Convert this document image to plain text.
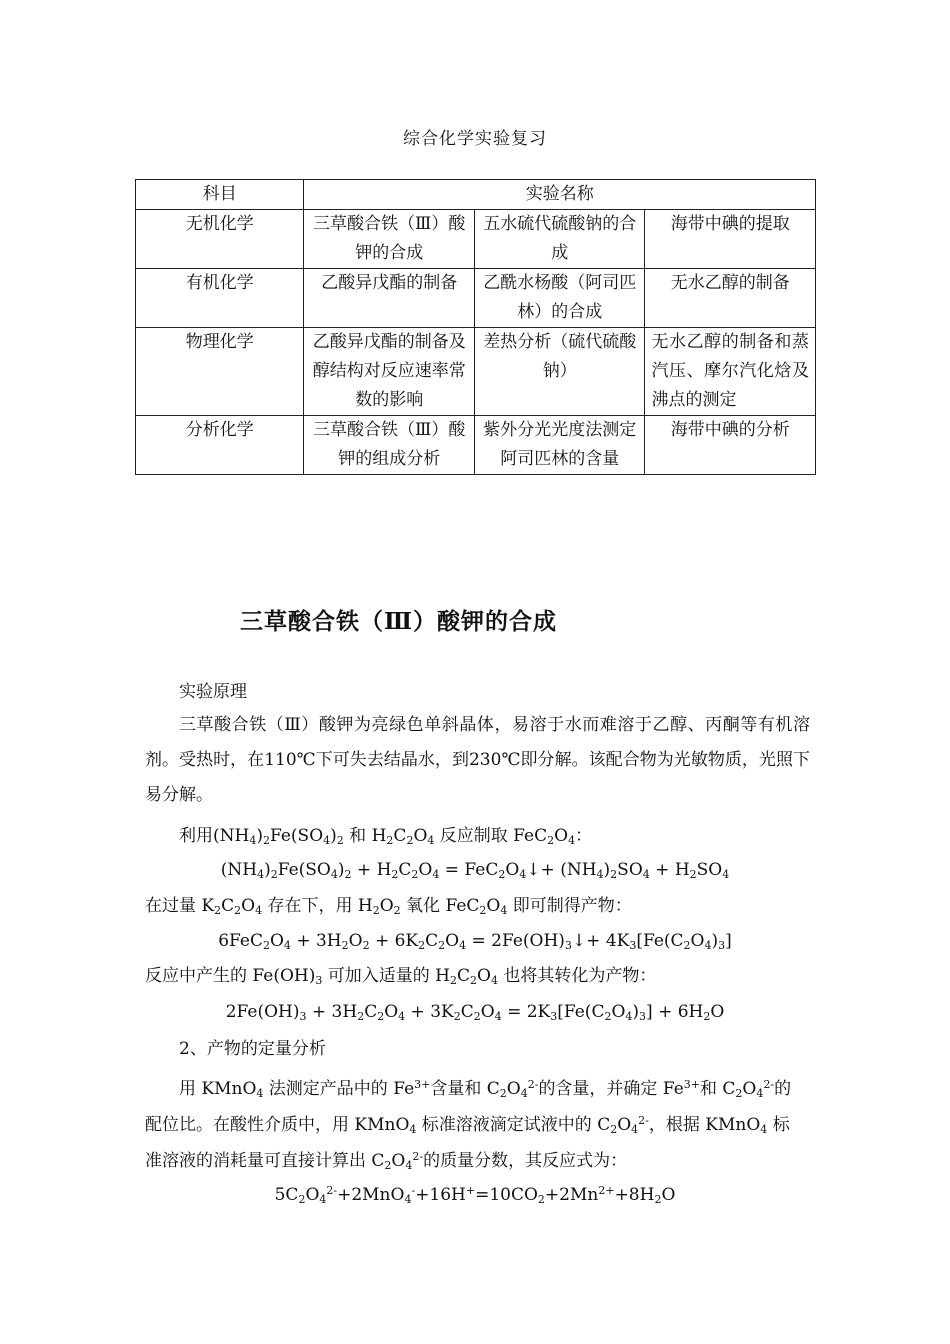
综合化学实验复习
科目	实验名称		
无机化学	三草酸合铁（Ⅲ）酸钾的合成	五水硫代硫酸钠的合成	海带中碘的提取
有机化学	乙酸异戊酯的制备	乙酰水杨酸（阿司匹林）的合成	无水乙醇的制备
物理化学	乙酸异戊酯的制备及醇结构对反应速率常数的影响	差热分析（硫代硫酸钠）	无水乙醇的制备和蒸汽压、摩尔汽化焓及沸点的测定
分析化学	三草酸合铁（Ⅲ）酸钾的组成分析	紫外分光光度法测定阿司匹林的含量	海带中碘的分析
三草酸合铁（Ⅲ）酸钾的合成
实验原理
三草酸合铁（Ⅲ）酸钾为亮绿色单斜晶体，易溶于水而难溶于乙醇、丙酮等有机溶剂。受热时，在110℃下可失去结晶水，到230℃即分解。该配合物为光敏物质，光照下易分解。
利用$(NH_4)_2Fe(SO_4)_2$ 和 $H_2C_2O_4$ 反应制取 $FeC_2O_4$：
$(NH_4)_2Fe(SO_4)_2 + H_2C_2O_4$ = $FeC_2O_4↓+ (NH_4)_2SO_4 + H_2SO_4$
在过量 $K_2C_2O_4$ 存在下，用 $H_2O_2$ 氧化 $FeC_2O_4$ 即可制得产物：
$6FeC_2O_4 + 3H_2O_2 + 6K_2C_2O_4$ = $2Fe(OH)_3↓+ 4K_3[Fe(C_2O_4)_3]$
反应中产生的 $Fe(OH)_3$ 可加入适量的 $H_2C_2O_4$ 也将其转化为产物：
$2Fe(OH)_3 + 3H_2C_2O_4 + 3K_2C_2O_4 = 2K_3[Fe(C_2O_4)_3] + 6H_2O$
2、产物的定量分析
用 KMnO$_4$ 法测定产品中的 $Fe^{3+}$含量和 $C_2O_4^{2-}$的含量，并确定 $Fe^{3+}$和 $C_2O_4^{2-}$的
配位比。在酸性介质中，用 KMnO$_4$ 标准溶液滴定试液中的 $C_2O_4^{2-}$，根据 KMnO$_4$ 标
准溶液的消耗量可直接计算出 $C_2O_4^{2-}$的质量分数，其反应式为：
$5C_2O_4^{2-}+2MnO_4^-+16H^+=10CO_2+2Mn^{2+}+8H_2O$
